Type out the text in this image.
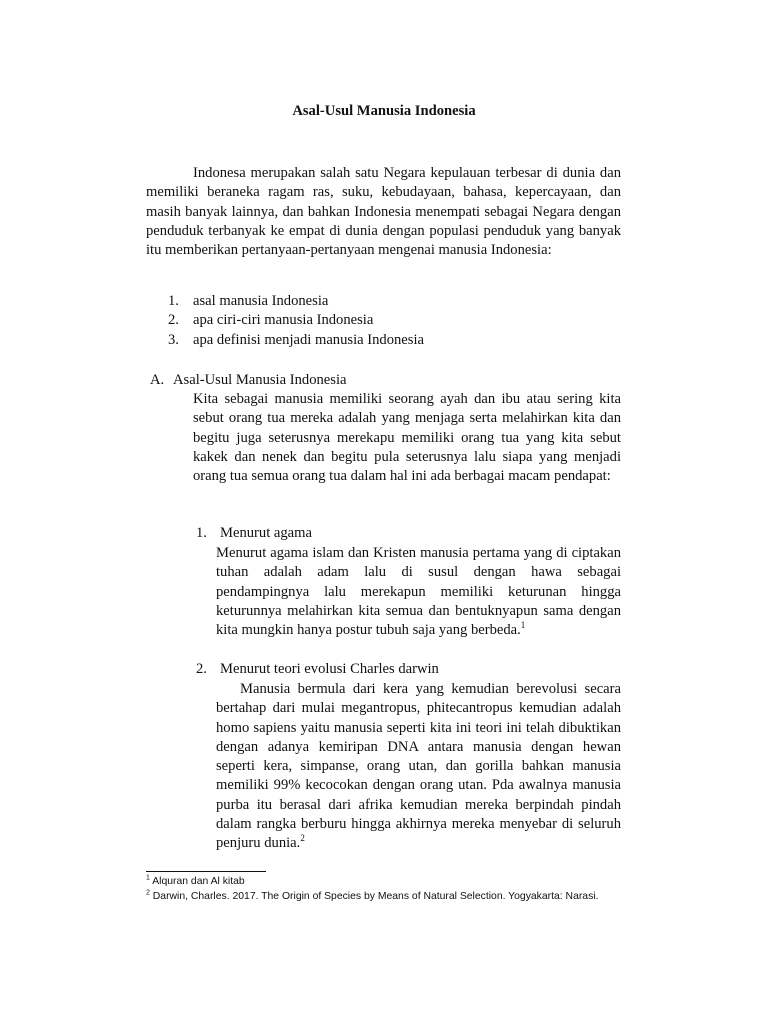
Asal-Usul Manusia Indonesia

Indonesa merupakan salah satu Negara kepulauan terbesar di dunia dan memiliki beraneka ragam ras, suku, kebudayaan, bahasa, kepercayaan, dan masih banyak lainnya, dan bahkan Indonesia menempati sebagai Negara dengan penduduk terbanyak ke empat di dunia dengan populasi penduduk yang banyak itu memberikan pertanyaan-pertanyaan mengenai manusia Indonesia:

1. asal manusia Indonesia
2. apa ciri-ciri manusia Indonesia
3. apa definisi menjadi manusia Indonesia
A. Asal-Usul Manusia Indonesia

Kita sebagai manusia memiliki seorang ayah dan ibu atau sering kita sebut orang tua mereka adalah yang menjaga serta melahirkan kita dan begitu juga seterusnya merekapu memiliki orang tua yang kita sebut kakek dan nenek dan begitu pula seterusnya lalu siapa yang menjadi orang tua semua orang tua dalam hal ini ada berbagai macam pendapat:

1. Menurut agama

Menurut agama islam dan Kristen manusia pertama yang di ciptakan tuhan adalah adam lalu di susul dengan hawa sebagai pendampingnya lalu merekapun memiliki keturunan hingga keturunnya melahirkan kita semua dan bentuknyapun sama dengan kita mungkin hanya postur tubuh saja yang berbeda.$^1$

2. Menurut teori evolusi Charles darwin

Manusia bermula dari kera yang kemudian berevolusi secara bertahap dari mulai megantropus, phitecantropus kemudian adalah homo sapiens yaitu manusia seperti kita ini teori ini telah dibuktikan dengan adanya kemiripan DNA antara manusia dengan hewan seperti kera, simpanse, orang utan, dan gorilla bahkan manusia memiliki 99% kecocokan dengan orang utan. Pda awalnya manusia purba itu berasal dari afrika kemudian mereka berpindah pindah dalam rangka berburu hingga akhirnya mereka menyebar di seluruh penjuru dunia.$^2$

$^1$ Alquran dan Al kitab
$^2$ Darwin, Charles. 2017. The Origin of Species by Means of Natural Selection. Yogyakarta: Narasi.
